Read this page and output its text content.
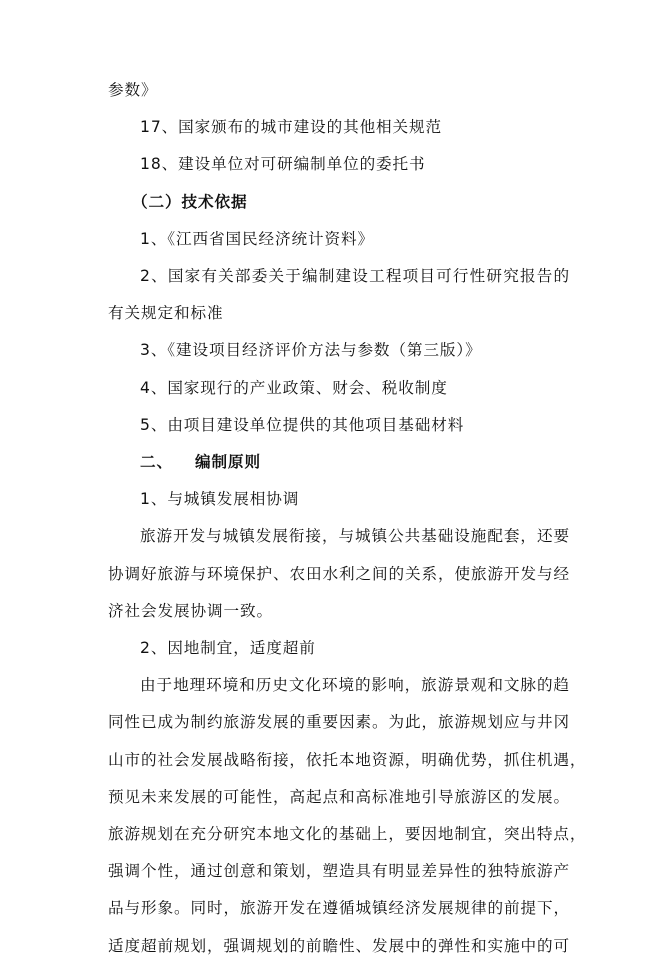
参数》
17、国家颁布的城市建设的其他相关规范
18、建设单位对可研编制单位的委托书
（二）技术依据
1、《江西省国民经济统计资料》
2、国家有关部委关于编制建设工程项目可行性研究报告的
有关规定和标准
3、《建设项目经济评价方法与参数（第三版）》
4、国家现行的产业政策、财会、税收制度
5、由项目建设单位提供的其他项目基础材料
二、 编制原则
1、与城镇发展相协调
旅游开发与城镇发展衔接，与城镇公共基础设施配套，还要
协调好旅游与环境保护、农田水利之间的关系，使旅游开发与经
济社会发展协调一致。
2、因地制宜，适度超前
由于地理环境和历史文化环境的影响，旅游景观和文脉的趋
同性已成为制约旅游发展的重要因素。为此，旅游规划应与井冈
山市的社会发展战略衔接，依托本地资源，明确优势，抓住机遇，
预见未来发展的可能性，高起点和高标准地引导旅游区的发展。
旅游规划在充分研究本地文化的基础上，要因地制宜，突出特点，
强调个性，通过创意和策划，塑造具有明显差异性的独特旅游产
品与形象。同时，旅游开发在遵循城镇经济发展规律的前提下，
适度超前规划，强调规划的前瞻性、发展中的弹性和实施中的可
